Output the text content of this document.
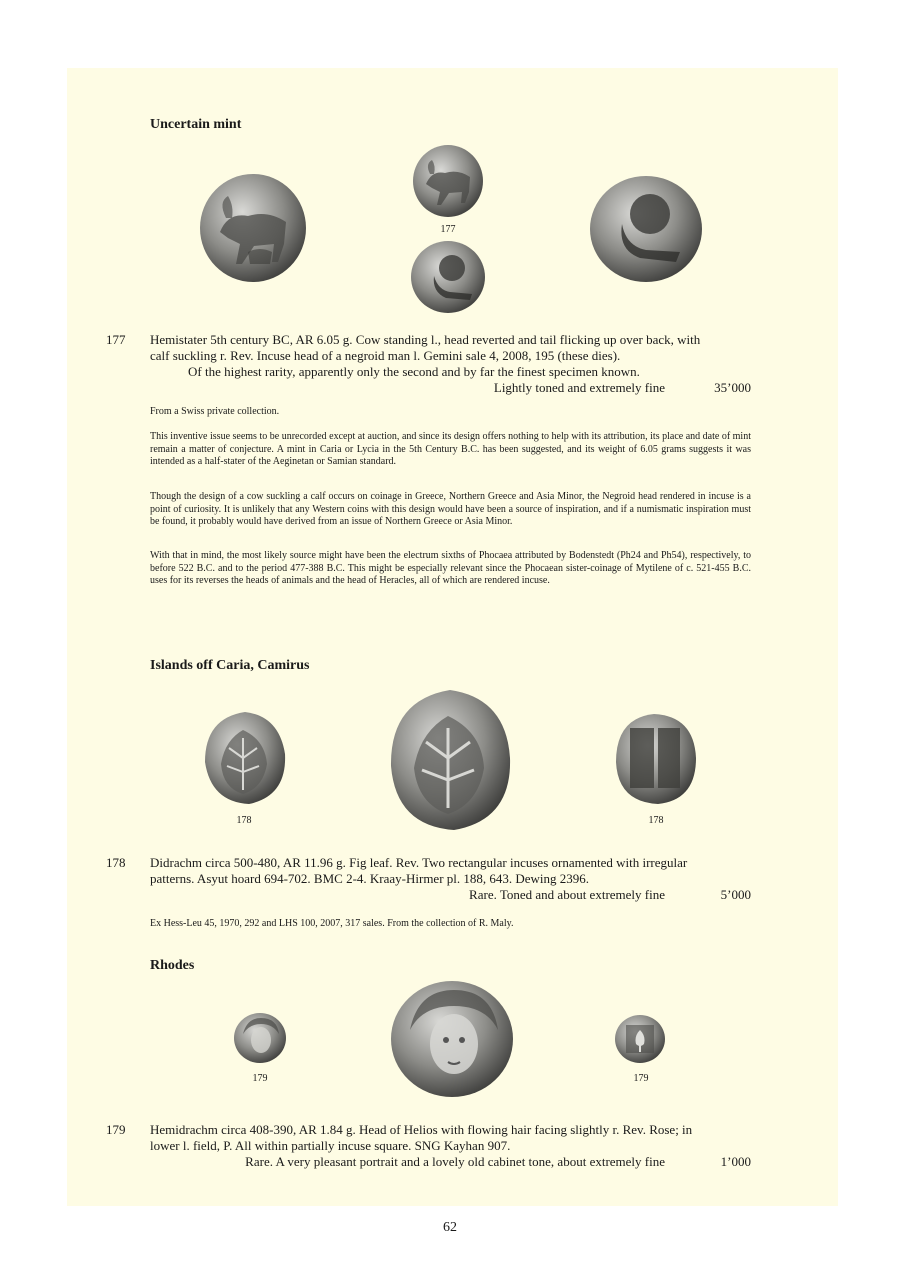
Uncertain mint
177
177 Hemistater 5th century BC, AR 6.05 g. Cow standing l., head reverted and tail flicking up over back, with
calf suckling r. Rev. Incuse head of a negroid man l. Gemini sale 4, 2008, 195 (these dies).
Of the highest rarity, apparently only the second and by far the finest specimen known.
Lightly toned and extremely fine	35’000
From a Swiss private collection.
This inventive issue seems to be unrecorded except at auction, and since its design offers nothing to help with its attribution, its place and date of mint remain a matter of conjecture. A mint in Caria or Lycia in the 5th Century B.C. has been suggested, and its weight of 6.05 grams suggests it was intended as a half-stater of the Aeginetan or Samian standard.
Though the design of a cow suckling a calf occurs on coinage in Greece, Northern Greece and Asia Minor, the Negroid head rendered in incuse is a point of curiosity. It is unlikely that any Western coins with this design would have been a source of inspiration, and if a numismatic inspiration must be found, it probably would have derived from an issue of Northern Greece or Asia Minor.
With that in mind, the most likely source might have been the electrum sixths of Phocaea attributed by Bodenstedt (Ph24 and Ph54), respectively, to before 522 B.C. and to the period 477-388 B.C. This might be especially relevant since the Phocaean sister-coinage of Mytilene of c. 521-455 B.C. uses for its reverses the heads of animals and the head of Heracles, all of which are rendered incuse.
Islands off Caria, Camirus
178	178
178 Didrachm circa 500-480, AR 11.96 g. Fig leaf. Rev. Two rectangular incuses ornamented with irregular
patterns. Asyut hoard 694-702. BMC 2-4. Kraay-Hirmer pl. 188, 643. Dewing 2396.
Rare. Toned and about extremely fine	5’000
Ex Hess-Leu 45, 1970, 292 and LHS 100, 2007, 317 sales. From the collection of R. Maly.
Rhodes
179	179
179 Hemidrachm circa 408-390, AR 1.84 g. Head of Helios with flowing hair facing slightly r. Rev. Rose; in
lower l. field, P. All within partially incuse square. SNG Kayhan 907.
Rare. A very pleasant portrait and a lovely old cabinet tone, about extremely fine	1’000
62
